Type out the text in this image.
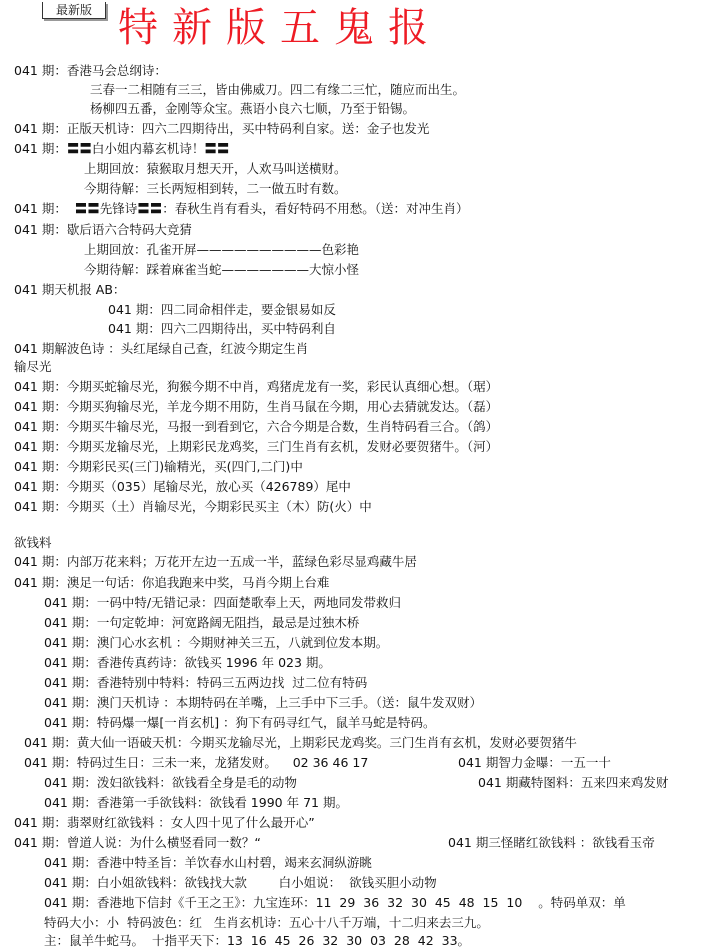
最新版 特新版五鬼报
041 期：香港马会总纲诗：
三春一二相随有三三，皆由佛威刀。四二有缘二三忙，随应而出生。
杨柳四五番，金刚等众宝。燕语小良六七顺，乃至于铅锡。
041 期：正版天机诗：四六二四期待出，买中特码利自家。送：金子也发光
041 期：〓〓白小姐内幕玄机诗！〓〓
上期回放：猿猴取月想天开，人欢马叫送横财。
今期待解：三长两短相到转，二一做五时有数。
041 期：  〓〓先锋诗〓〓：春秋生肖有看头，看好特码不用愁。（送：对冲生肖）
041 期：歇后语六合特码大竞猜
上期回放：孔雀开屏——————————色彩艳
今期待解：踩着麻雀当蛇———————大惊小怪
041 期天机报 AB：
041 期：四二同命相伴走，要金银易如反
041 期：四六二四期待出，买中特码利自
041 期解波色诗 ：头红尾绿自己查，红波今期定生肖
输尽光
041 期：今期买蛇输尽光，狗猴今期不中肖，鸡猪虎龙有一奖，彩民认真细心想。（琚）
041 期：今期买狗输尽光，羊龙今期不用防，生肖马鼠在今期，用心去猜就发达。（磊）
041 期：今期买牛输尽光，马报一到看到它，六合今期是合数，生肖特码看三合。（鸽）
041 期：今期买龙输尽光，上期彩民龙鸡奖，三门生肖有玄机，发财必要贺猪牛。（河）
041 期：今期彩民买(三门)输精光，买(四门,二门)中
041 期：今期买（035）尾输尽光，放心买（426789）尾中
041 期：今期买（土）肖输尽光，今期彩民买主（木）防(火）中
欲钱料
041 期：内部万花来料；万花开左边一五成一半，蓝绿色彩尽显鸡藏牛居
041 期：澳足一句话：你追我跑来中奖，马肖今期上台难
041 期：一码中特/无错记录：四面楚歌奉上天，两地同发带救归
041 期：一句定乾坤：河宽路阔无阻挡，最忌是过独木桥
041 期：澳门心水玄机 ：今期财神关三五，八就到位发本期。
041 期：香港传真药诗：欲钱买 1996 年 023 期。
041 期：香港特别中特料：特码三五两边找  过二位有特码
041 期：澳门天机诗 ：本期特码在羊嘴，上三手中下三手。（送：鼠牛发双财）
041 期：特码爆一爆[一肖玄机] ：狗下有码寻红气，鼠羊马蛇是特码。
041 期：黄大仙一语破天机：今期买龙输尽光，上期彩民龙鸡奖。三门生肖有玄机，发财必要贺猪牛
041 期：特码过生日：三未一来，龙猪发财。    02 36 46 17	041 期智力金曝：一五一十
041 期：泼妇欲钱料：欲钱看全身是毛的动物	041 期藏特图料：五来四来鸡发财
041 期：香港第一手欲钱料：欲钱看 1990 年 71 期。
041 期：翡翠财红欲钱料 ：女人四十见了什么最开心”
041 期：曾道人说：为什么横竖看同一数？“	041 期三怪睹红欲钱料 ：欲钱看玉帝
041 期：香港中特圣旨：羊饮春水山村碧，竭来玄洞纵游眺
041 期：白小姐欲钱料：欲钱找大款        白小姐说：  欲钱买胆小动物
041 期：香港地下信封《千王之王》：九宝连环：11  29  36  32  30  45  48  15  10    。特码单双：单
特码大小：小  特码波色：红   生肖玄机诗：五心十八千万端，十二归来去三九。
主：鼠羊牛蛇马。  十指平天下：13  16  45  26  32  30  03  28  42  33。
